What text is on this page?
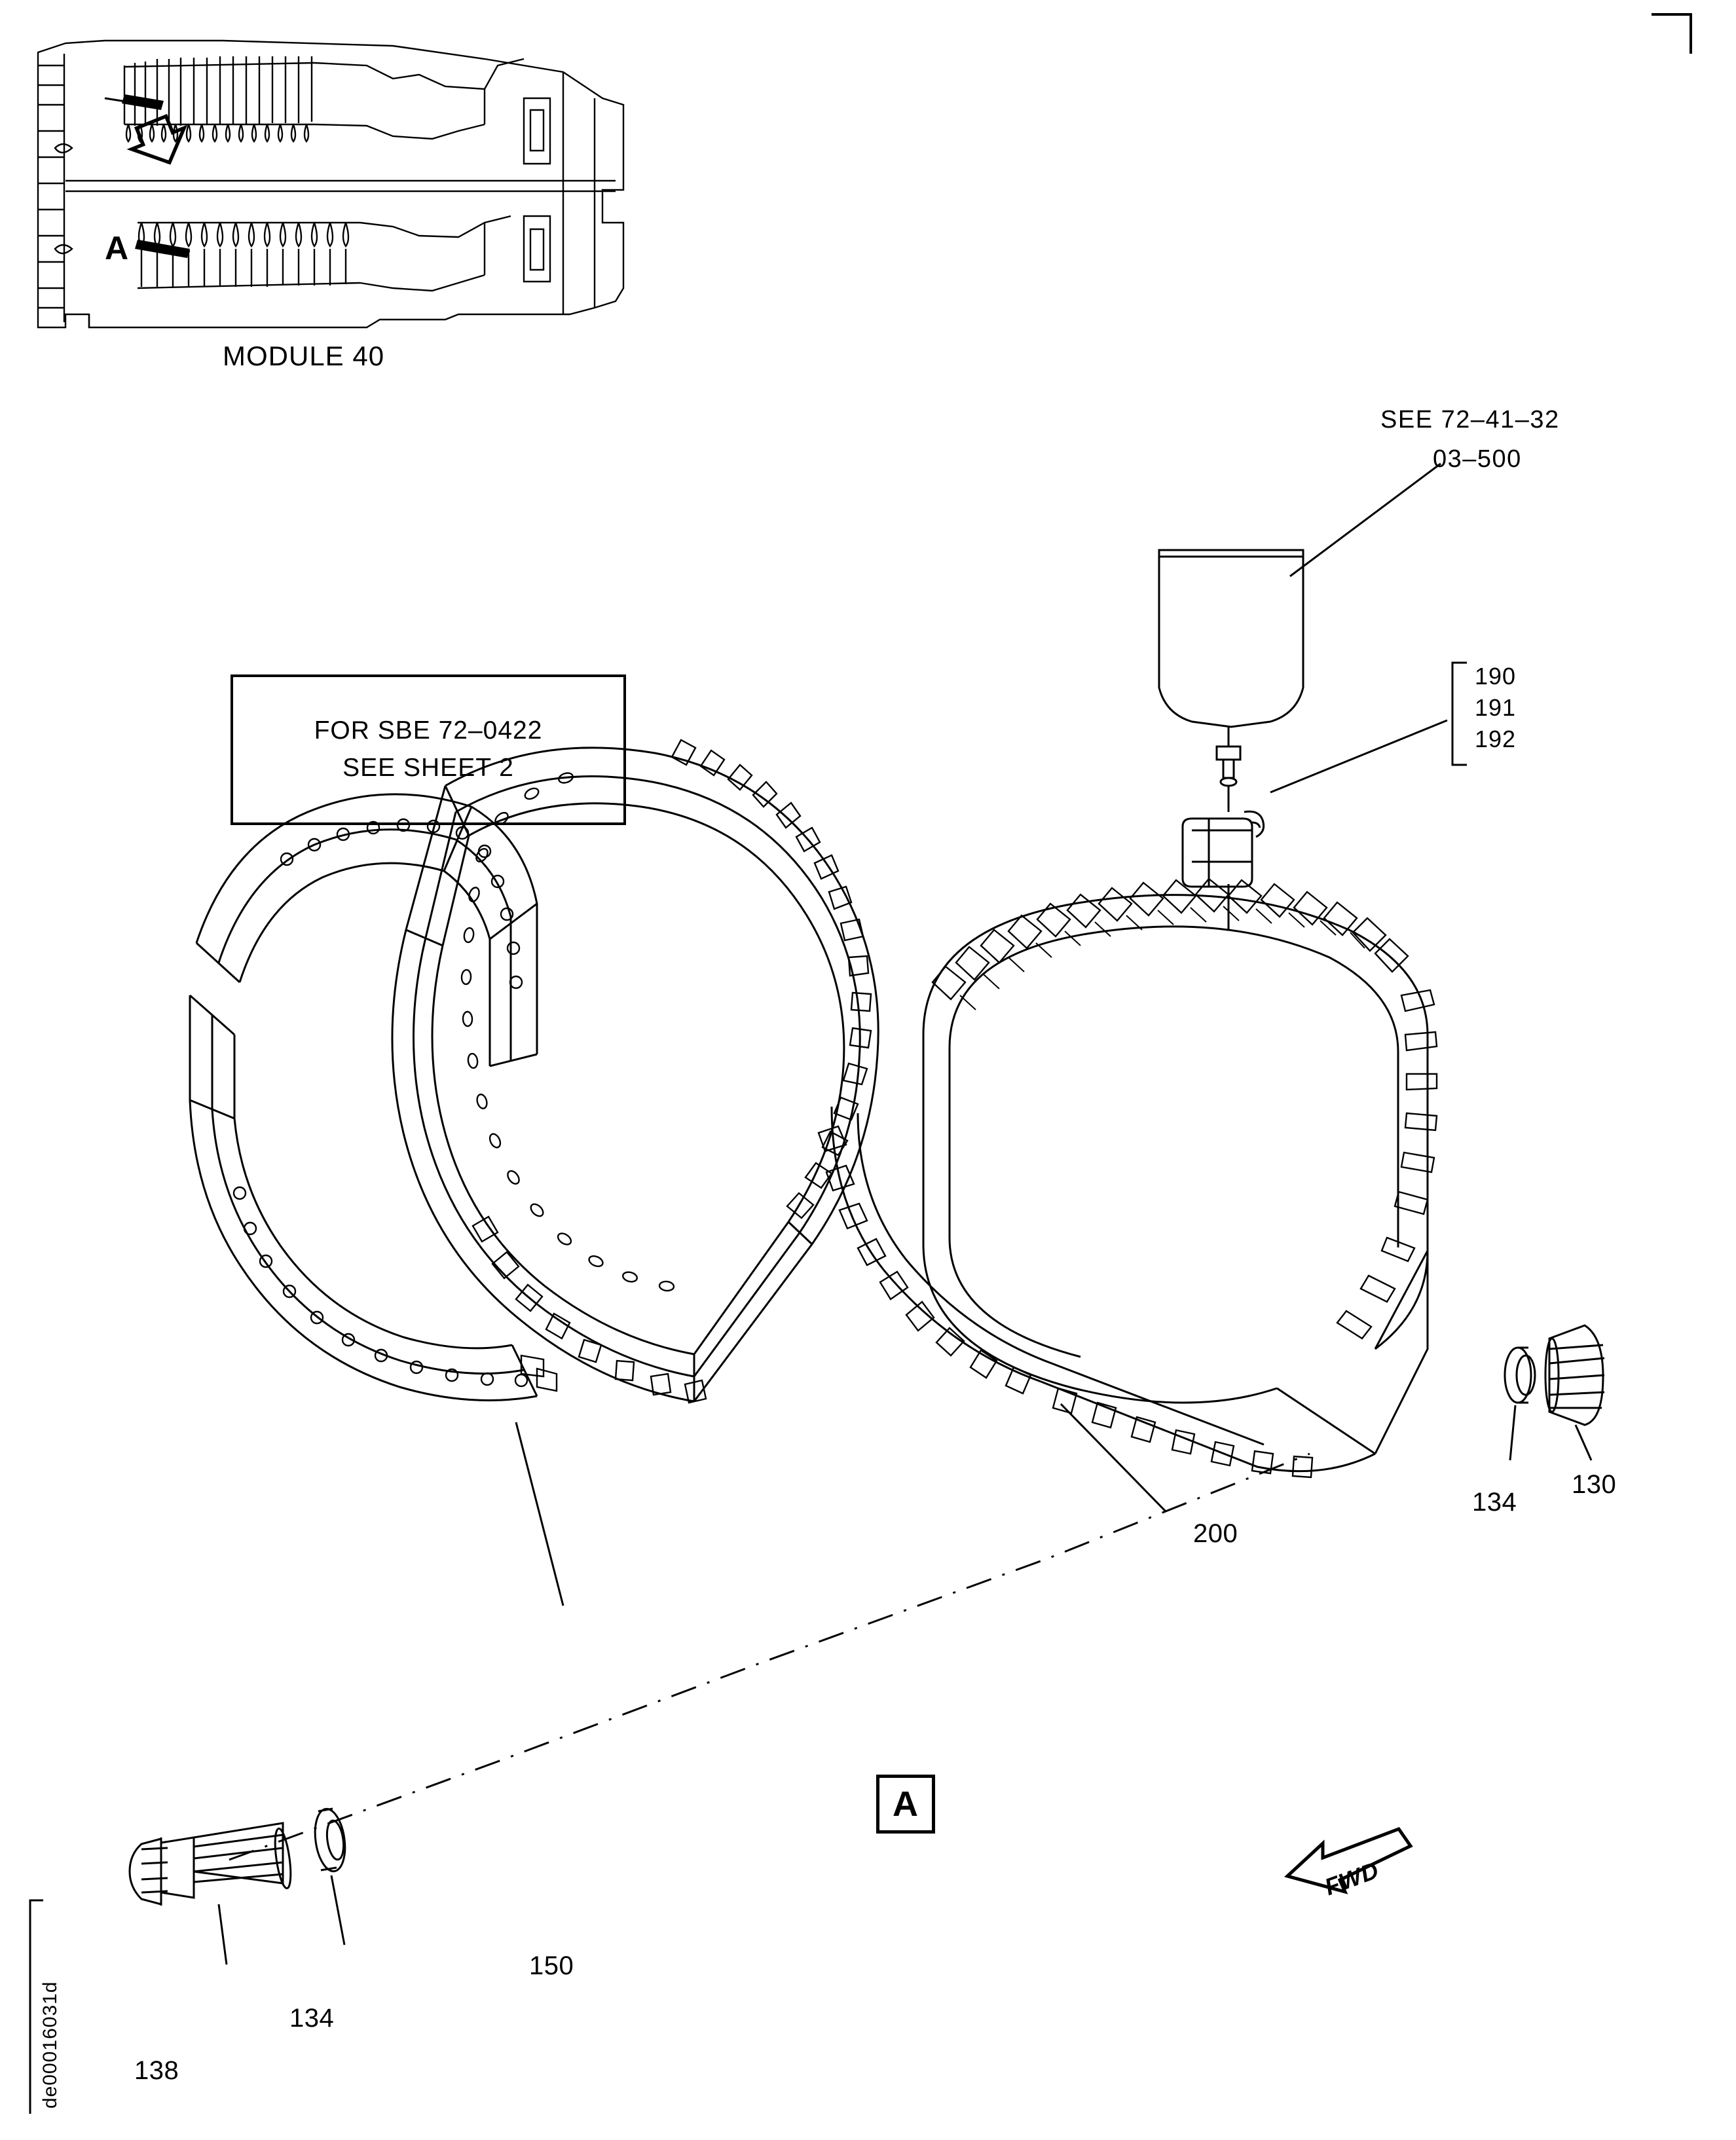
de00016031d
A
MODULE 40
SEE 72–41–32
03–500
FOR SBE 72–0422
SEE SHEET 2
190
191
192
130
134
200
150
134
138
A
FWD
